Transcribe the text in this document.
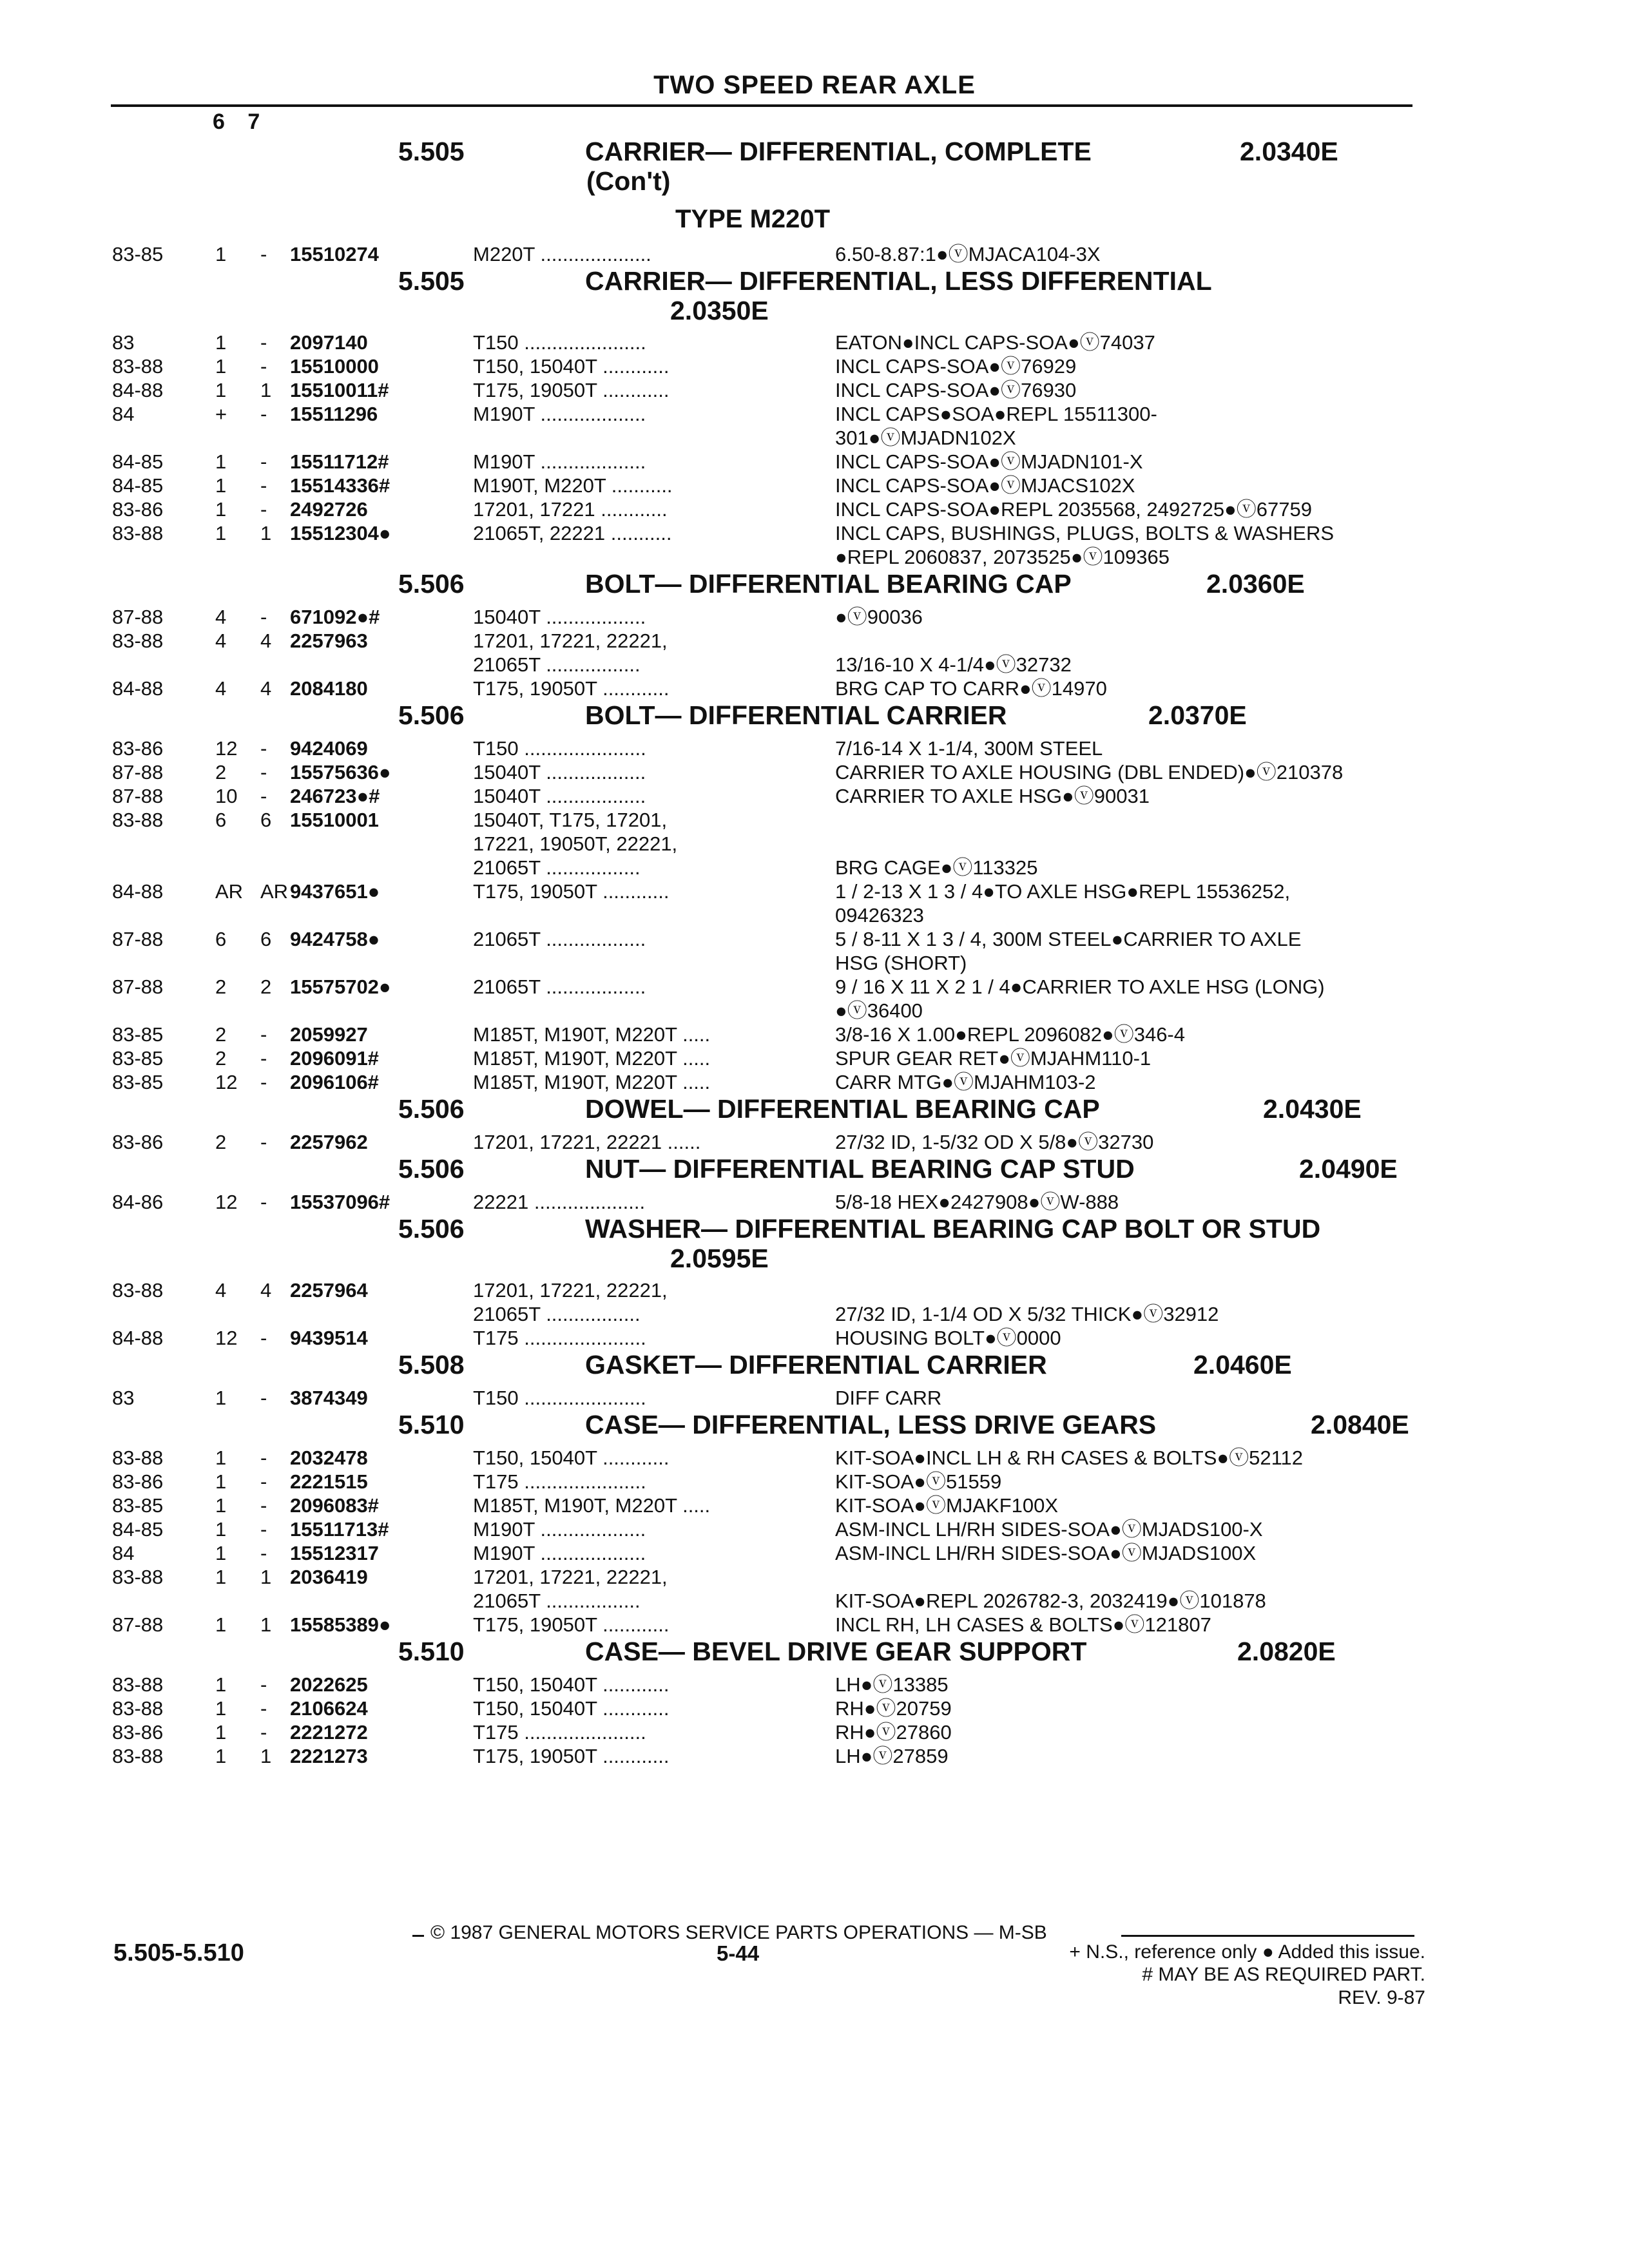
TWO SPEED REAR AXLE
6 7
5.505	CARRIER— DIFFERENTIAL, COMPLETE
(Con't)
2.0340E
TYPE M220T
83-85	1 - 15510274	M220T ....................	6.50-8.87:1●ⓥMJACA104-3X
5.505	CARRIER— DIFFERENTIAL, LESS DIFFERENTIAL
2.0350E
83	1 - 2097140	T150 ......................	EATON●INCL CAPS-SOA●ⓥ74037
83-88	1 - 15510000	T150, 15040T ............	INCL CAPS-SOA●ⓥ76929
84-88	1 1 15510011#	T175, 19050T ............	INCL CAPS-SOA●ⓥ76930
84	+ - 15511296	M190T ...................	INCL CAPS●SOA●REPL 15511300-
301●ⓥMJADN102X
84-85	1 - 15511712#	M190T ...................	INCL CAPS-SOA●ⓥMJADN101-X
84-85	1 - 15514336#	M190T, M220T ...........	INCL CAPS-SOA●ⓥMJACS102X
83-86	1 - 2492726	17201, 17221 ............	INCL CAPS-SOA●REPL 2035568, 2492725●ⓥ67759
83-88	1 1 15512304●	21065T, 22221 ...........	INCL CAPS, BUSHINGS, PLUGS, BOLTS & WASHERS
●REPL 2060837, 2073525●ⓥ109365
5.506	BOLT— DIFFERENTIAL BEARING CAP	2.0360E
87-88	4 - 671092●#	15040T ..................	●ⓥ90036
83-88	4 4 2257963	17201, 17221, 22221,
21065T .................	13/16-10 X 4-1/4●ⓥ32732
84-88	4 4 2084180	T175, 19050T ............	BRG CAP TO CARR●ⓥ14970
5.506	BOLT— DIFFERENTIAL CARRIER	2.0370E
83-86	12 - 9424069	T150 ......................	7/16-14 X 1-1/4, 300M STEEL
87-88	2 - 15575636●	15040T ..................	CARRIER TO AXLE HOUSING (DBL ENDED)●ⓥ210378
87-88	10 - 246723●#	15040T ..................	CARRIER TO AXLE HSG●ⓥ90031
83-88	6 6 15510001	15040T, T175, 17201,
17221, 19050T, 22221,
21065T .................	BRG CAGE●ⓥ113325
84-88	AR AR 9437651●	T175, 19050T ............	1 / 2-13 X 1 3 / 4●TO AXLE HSG●REPL 15536252,
09426323
87-88	6 6 9424758●	21065T ..................	5 / 8-11 X 1 3 / 4, 300M STEEL●CARRIER TO AXLE
HSG (SHORT)
87-88	2 2 15575702●	21065T ..................	9 / 16 X 11 X 2 1 / 4●CARRIER TO AXLE HSG (LONG)
●ⓥ36400
83-85	2 - 2059927	M185T, M190T, M220T .....	3/8-16 X 1.00●REPL 2096082●ⓥ346-4
83-85	2 - 2096091#	M185T, M190T, M220T .....	SPUR GEAR RET●ⓥMJAHM110-1
83-85	12 - 2096106#	M185T, M190T, M220T .....	CARR MTG●ⓥMJAHM103-2
5.506	DOWEL— DIFFERENTIAL BEARING CAP	2.0430E
83-86	2 - 2257962	17201, 17221, 22221 ......	27/32 ID, 1-5/32 OD X 5/8●ⓥ32730
5.506	NUT— DIFFERENTIAL BEARING CAP STUD	2.0490E
84-86	12 - 15537096#	22221 ....................	5/8-18 HEX●2427908●ⓥW-888
5.506	WASHER— DIFFERENTIAL BEARING CAP BOLT OR STUD
2.0595E
83-88	4 4 2257964	17201, 17221, 22221,
21065T .................	27/32 ID, 1-1/4 OD X 5/32 THICK●ⓥ32912
84-88	12 - 9439514	T175 ......................	HOUSING BOLT●ⓥ0000
5.508	GASKET— DIFFERENTIAL CARRIER	2.0460E
83	1 - 3874349	T150 ......................	DIFF CARR
5.510	CASE— DIFFERENTIAL, LESS DRIVE GEARS	2.0840E
83-88	1 - 2032478	T150, 15040T ............	KIT-SOA●INCL LH & RH CASES & BOLTS●ⓥ52112
83-86	1 - 2221515	T175 ......................	KIT-SOA●ⓥ51559
83-85	1 - 2096083#	M185T, M190T, M220T .....	KIT-SOA●ⓥMJAKF100X
84-85	1 - 15511713#	M190T ...................	ASM-INCL LH/RH SIDES-SOA●ⓥMJADS100-X
84	1 - 15512317	M190T ...................	ASM-INCL LH/RH SIDES-SOA●ⓥMJADS100X
83-88	1 1 2036419	17201, 17221, 22221,
21065T .................	KIT-SOA●REPL 2026782-3, 2032419●ⓥ101878
87-88	1 1 15585389●	T175, 19050T ............	INCL RH, LH CASES & BOLTS●ⓥ121807
5.510	CASE— BEVEL DRIVE GEAR SUPPORT	2.0820E
83-88	1 - 2022625	T150, 15040T ............	LH●ⓥ13385
83-88	1 - 2106624	T150, 15040T ............	RH●ⓥ20759
83-86	1 - 2221272	T175 ......................	RH●ⓥ27860
83-88	1 1 2221273	T175, 19050T ............	LH●ⓥ27859
© 1987 GENERAL MOTORS SERVICE PARTS OPERATIONS — M-SB
5.505-5.510	5-44	+ N.S., reference only ● Added this issue.
# MAY BE AS REQUIRED PART.
REV. 9-87
